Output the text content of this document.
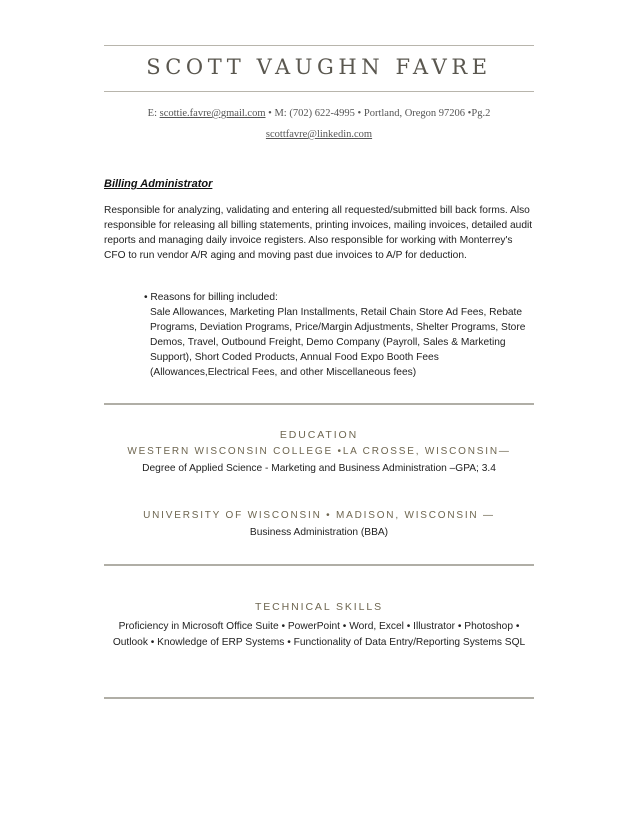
SCOTT VAUGHN FAVRE
E: scottie.favre@gmail.com • M: (702) 622-4995 • Portland, Oregon 97206 •Pg.2
scottfavre@linkedin.com
Billing Administrator
Responsible for analyzing, validating and entering all requested/submitted bill back forms. Also responsible for releasing all billing statements, printing invoices, mailing invoices, detailed audit reports and managing daily invoice registers. Also responsible for working with Monterrey's CFO to run vendor A/R aging and moving past due invoices to A/P for deduction.
• Reasons for billing included:
Sale Allowances, Marketing Plan Installments, Retail Chain Store Ad Fees, Rebate Programs, Deviation Programs, Price/Margin Adjustments, Shelter Programs, Store Demos, Travel, Outbound Freight, Demo Company (Payroll, Sales & Marketing Support), Short Coded Products, Annual Food Expo Booth Fees (Allowances,Electrical Fees, and other Miscellaneous fees)
EDUCATION
WESTERN WISCONSIN COLLEGE •LA CROSSE, WISCONSIN—
Degree of Applied Science - Marketing and Business Administration –GPA; 3.4
UNIVERSITY OF WISCONSIN • MADISON, WISCONSIN —
Business Administration (BBA)
TECHNICAL SKILLS
Proficiency in Microsoft Office Suite • PowerPoint • Word, Excel • Illustrator • Photoshop • Outlook • Knowledge of ERP Systems • Functionality of Data Entry/Reporting Systems SQL
